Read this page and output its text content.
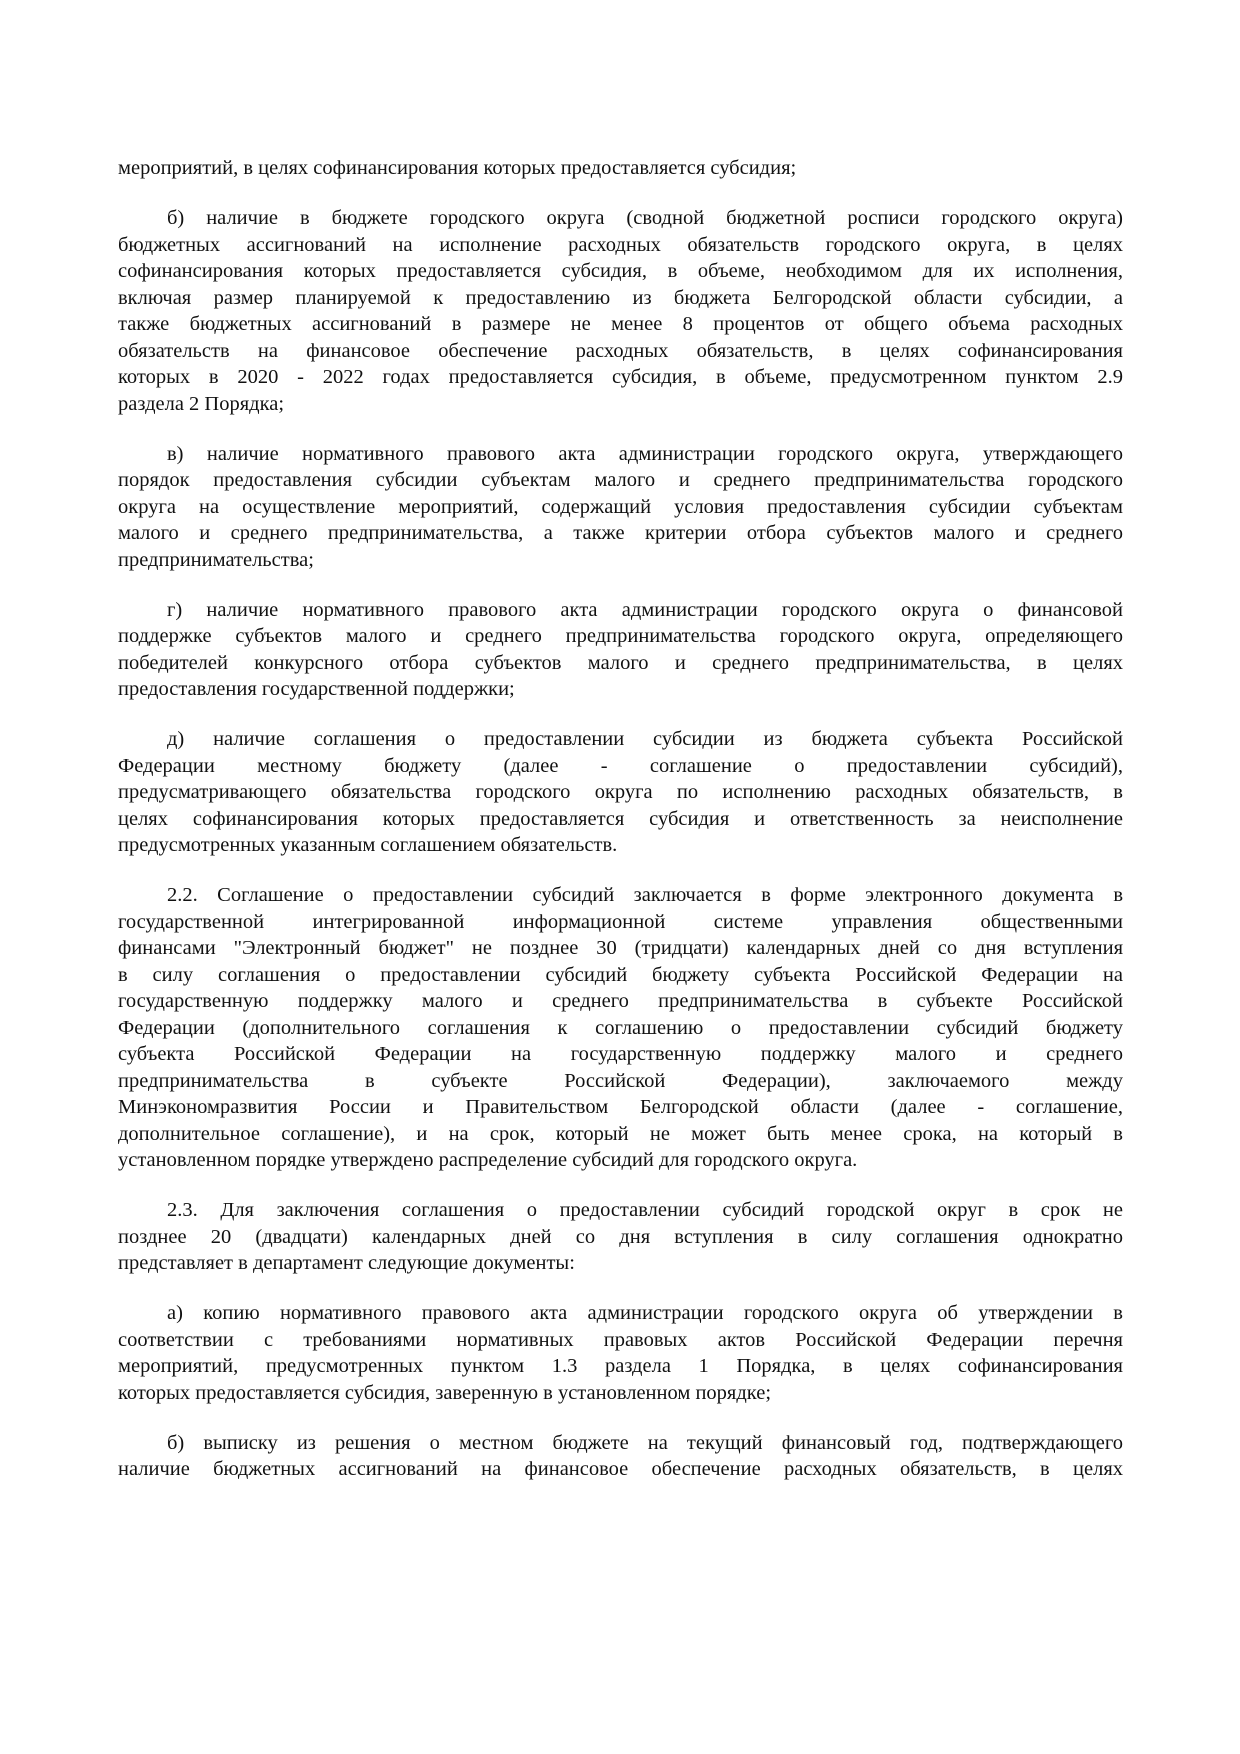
мероприятий, в целях софинансирования которых предоставляется субсидия;
б) наличие в бюджете городского округа (сводной бюджетной росписи городского округа)
бюджетных ассигнований на исполнение расходных обязательств городского округа, в целях
софинансирования которых предоставляется субсидия, в объеме, необходимом для их исполнения,
включая размер планируемой к предоставлению из бюджета Белгородской области субсидии, а
также бюджетных ассигнований в размере не менее 8 процентов от общего объема расходных
обязательств на финансовое обеспечение расходных обязательств, в целях софинансирования
которых в 2020 - 2022 годах предоставляется субсидия, в объеме, предусмотренном пунктом 2.9
раздела 2 Порядка;
в) наличие нормативного правового акта администрации городского округа, утверждающего
порядок предоставления субсидии субъектам малого и среднего предпринимательства городского
округа на осуществление мероприятий, содержащий условия предоставления субсидии субъектам
малого и среднего предпринимательства, а также критерии отбора субъектов малого и среднего
предпринимательства;
г) наличие нормативного правового акта администрации городского округа о финансовой
поддержке субъектов малого и среднего предпринимательства городского округа, определяющего
победителей конкурсного отбора субъектов малого и среднего предпринимательства, в целях
предоставления государственной поддержки;
д) наличие соглашения о предоставлении субсидии из бюджета субъекта Российской
Федерации местному бюджету (далее - соглашение о предоставлении субсидий),
предусматривающего обязательства городского округа по исполнению расходных обязательств, в
целях софинансирования которых предоставляется субсидия и ответственность за неисполнение
предусмотренных указанным соглашением обязательств.
2.2. Соглашение о предоставлении субсидий заключается в форме электронного документа в
государственной интегрированной информационной системе управления общественными
финансами "Электронный бюджет" не позднее 30 (тридцати) календарных дней со дня вступления
в силу соглашения о предоставлении субсидий бюджету субъекта Российской Федерации на
государственную поддержку малого и среднего предпринимательства в субъекте Российской
Федерации (дополнительного соглашения к соглашению о предоставлении субсидий бюджету
субъекта Российской Федерации на государственную поддержку малого и среднего
предпринимательства в субъекте Российской Федерации), заключаемого между
Минэкономразвития России и Правительством Белгородской области (далее - соглашение,
дополнительное соглашение), и на срок, который не может быть менее срока, на который в
установленном порядке утверждено распределение субсидий для городского округа.
2.3. Для заключения соглашения о предоставлении субсидий городской округ в срок не
позднее 20 (двадцати) календарных дней со дня вступления в силу соглашения однократно
представляет в департамент следующие документы:
а) копию нормативного правового акта администрации городского округа об утверждении в
соответствии с требованиями нормативных правовых актов Российской Федерации перечня
мероприятий, предусмотренных пунктом 1.3 раздела 1 Порядка, в целях софинансирования
которых предоставляется субсидия, заверенную в установленном порядке;
б) выписку из решения о местном бюджете на текущий финансовый год, подтверждающего
наличие бюджетных ассигнований на финансовое обеспечение расходных обязательств, в целях
